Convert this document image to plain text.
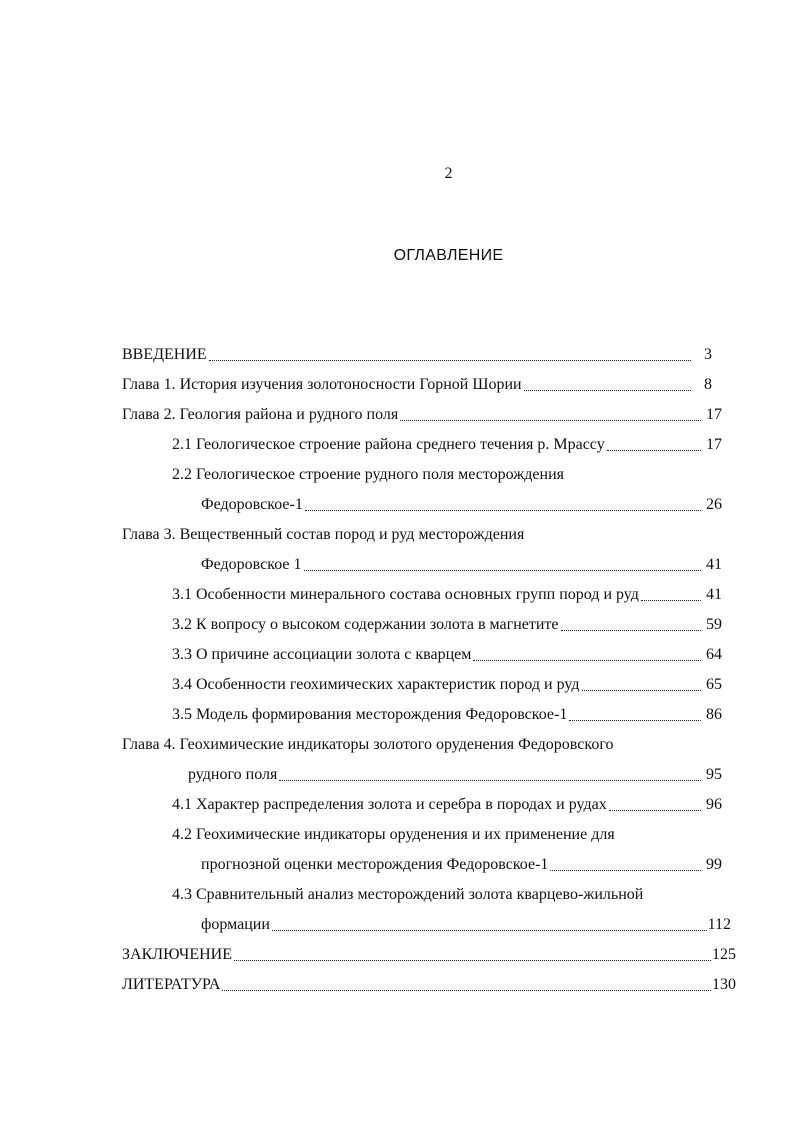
2
ОГЛАВЛЕНИЕ
ВВЕДЕНИЕ	3
Глава 1. История изучения золотоносности Горной Шории	8
Глава 2. Геология района и рудного поля	17
2.1 Геологическое строение района среднего течения р. Мрассу	17
2.2 Геологическое строение рудного поля месторождения
Федоровское-1	26
Глава 3. Вещественный состав пород и руд месторождения
Федоровское 1	41
3.1 Особенности минерального состава основных групп пород и руд	41
3.2 К вопросу о высоком содержании золота в магнетите	59
3.3 О причине ассоциации золота с кварцем	64
3.4 Особенности геохимических характеристик пород и руд	65
3.5 Модель формирования месторождения Федоровское-1	86
Глава 4. Геохимические индикаторы золотого оруденения Федоровского
рудного поля	95
4.1 Характер распределения золота и серебра в породах и рудах	96
4.2 Геохимические индикаторы оруденения и их применение для
прогнозной оценки месторождения Федоровское-1	99
4.3 Сравнительный анализ месторождений золота кварцево-жильной
формации	112
ЗАКЛЮЧЕНИЕ	125
ЛИТЕРАТУРА	130
